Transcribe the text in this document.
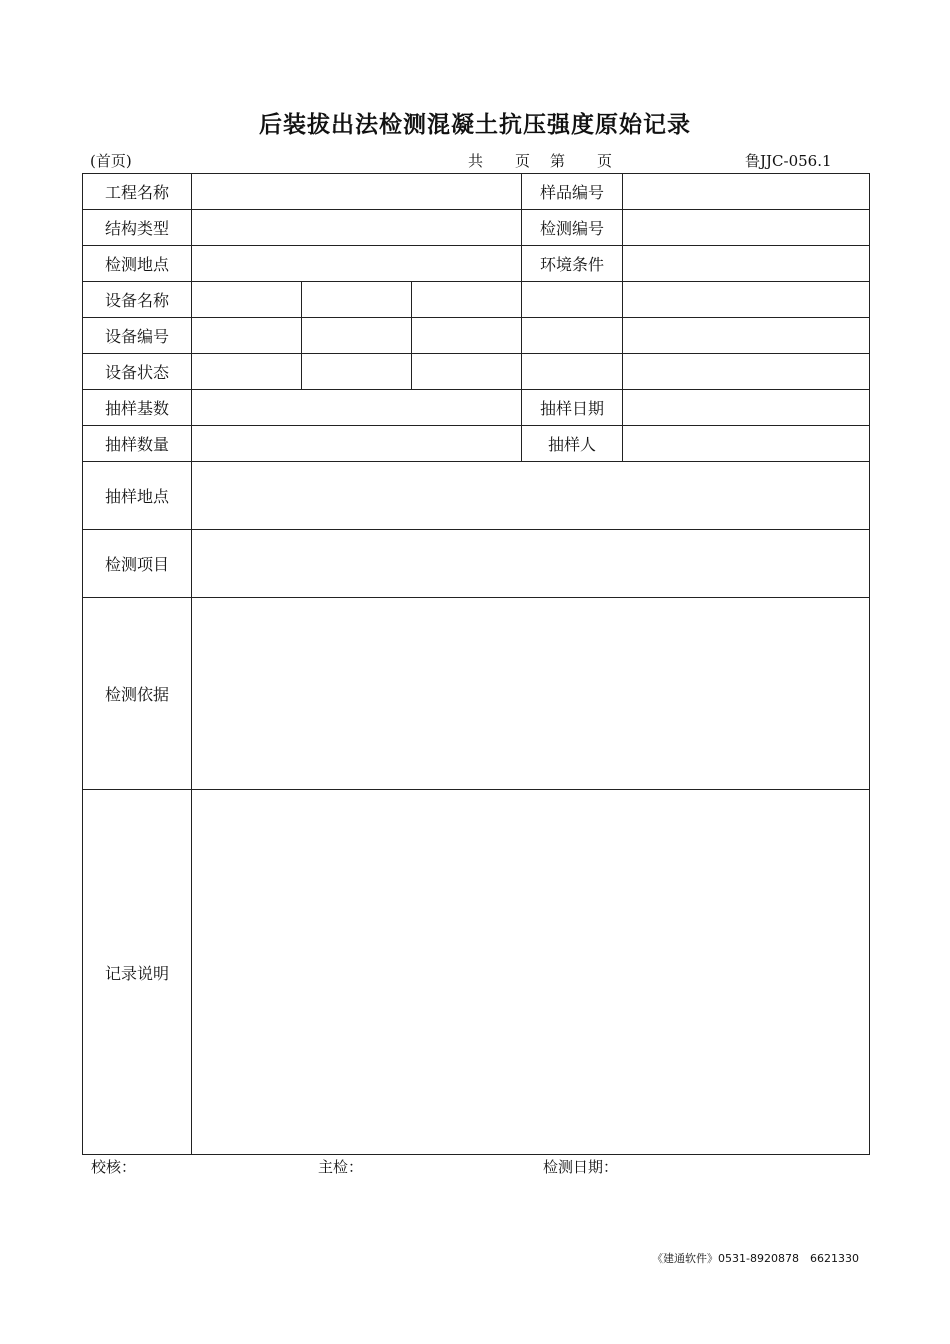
后装拔出法检测混凝土抗压强度原始记录
(首页)	共 页 第 页	鲁JJC-056.1
工程名称				样品编号	
结构类型				检测编号	
检测地点				环境条件	
设备名称					
设备编号					
设备状态					
抽样基数				抽样日期	
抽样数量				抽样人	
抽样地点					
检测项目					
检测依据					
记录说明					
校核：	主检：	检测日期：
《建通软件》0531-8920878　6621330
